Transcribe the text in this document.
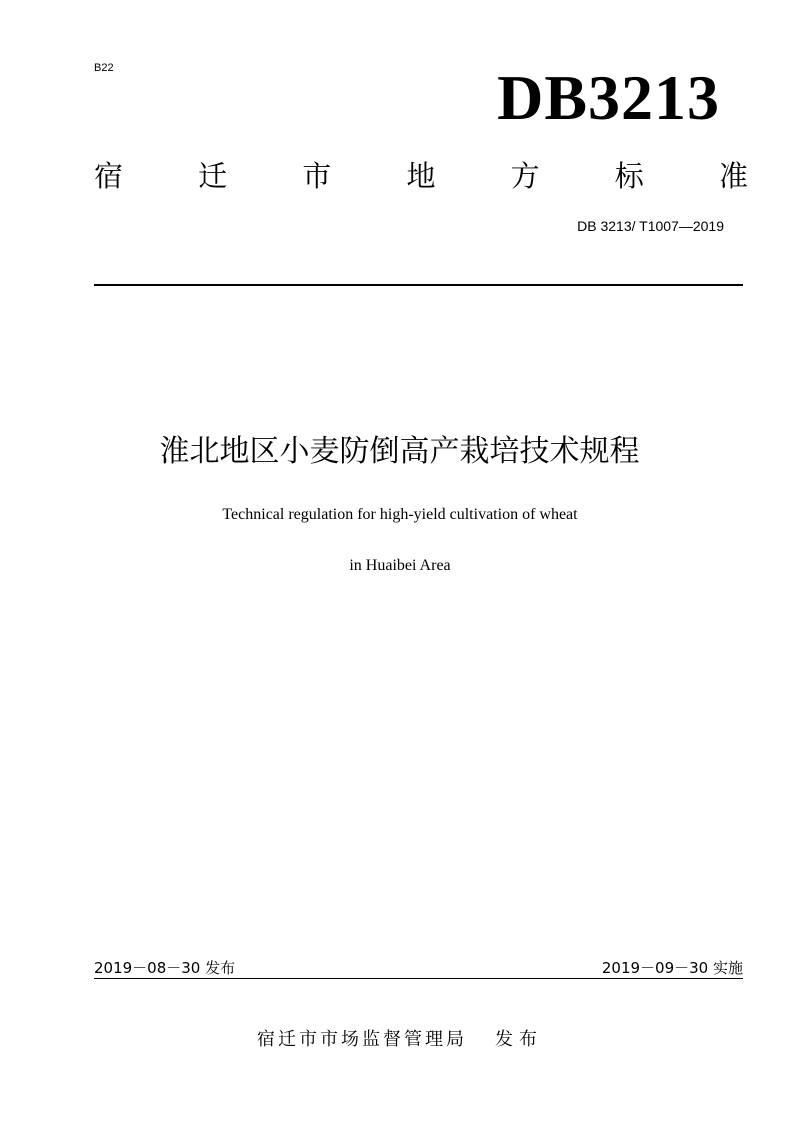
B22	DB3213
宿	迁	市	地	方	标	准
DB 3213/ T1007—2019
淮北地区小麦防倒高产栽培技术规程
Technical regulation for high-yield cultivation of wheat
in Huaibei Area
2019－08－30 发布	2019－09－30 实施
宿迁市市场监督管理局 发布
